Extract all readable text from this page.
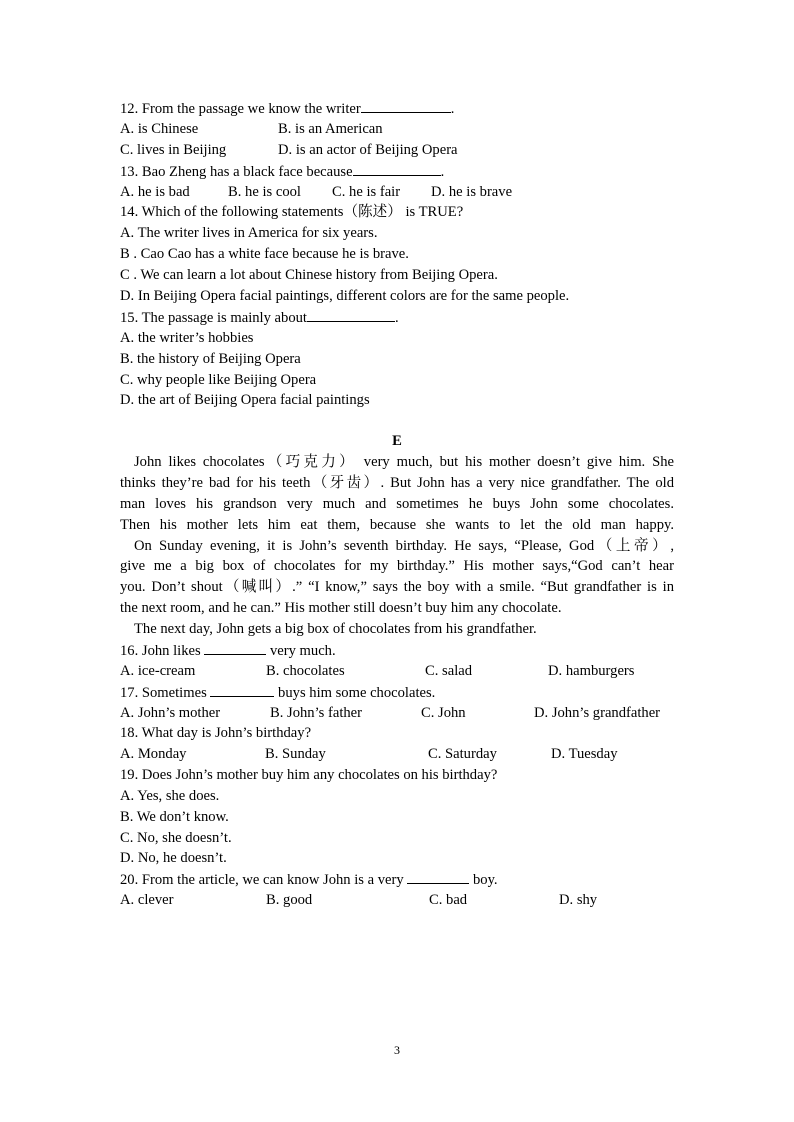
12. From the passage we know the writer	.
A. is Chinese	B. is an American
C. lives in Beijing	D. is an actor of Beijing Opera
13. Bao Zheng has a black face because	.
A. he is bad	B. he is cool C. he is fair D. he is brave
14. Which of the following statements（陈述） is TRUE?
A. The writer lives in America for six years.
B . Cao Cao has a white face because he is brave.
C . We can learn a lot about Chinese history from Beijing Opera.
D. In Beijing Opera facial paintings, different colors are for the same people.
15. The passage is mainly about	.
A. the writer’s hobbies
B. the history of Beijing Opera
C. why people like Beijing Opera
D. the art of Beijing Opera facial paintings
E
John likes chocolates（巧克力） very much, but his mother doesn’t give him. She
thinks they’re bad for his teeth（牙齿）. But John has a very nice grandfather. The old
man loves his grandson very much and sometimes he buys John some chocolates.
Then his mother lets him eat them, because she wants to let the old man happy.
On Sunday evening, it is John’s seventh birthday. He says, “Please, God（上帝）,
give me a big box of chocolates for my birthday.” His mother says,“God can’t hear
you. Don’t shout（喊叫）.” “I know,” says the boy with a smile. “But grandfather is in
the next room, and he can.” His mother still doesn’t buy him any chocolate.
The next day, John gets a big box of chocolates from his grandfather.
16. John likes	very much.
A. ice-cream	B. chocolates	C. salad	D. hamburgers
17. Sometimes	buys him some chocolates.
A. John’s mother	B. John’s father	C. John	D. John’s grandfather
18. What day is John’s birthday?
A. Monday	B. Sunday	C. Saturday	D. Tuesday
19. Does John’s mother buy him any chocolates on his birthday?
A. Yes, she does.
B. We don’t know.
C. No, she doesn’t.
D. No, he doesn’t.
20. From the article, we can know John is a very	boy.
A. clever	B. good	C. bad	D. shy
3
